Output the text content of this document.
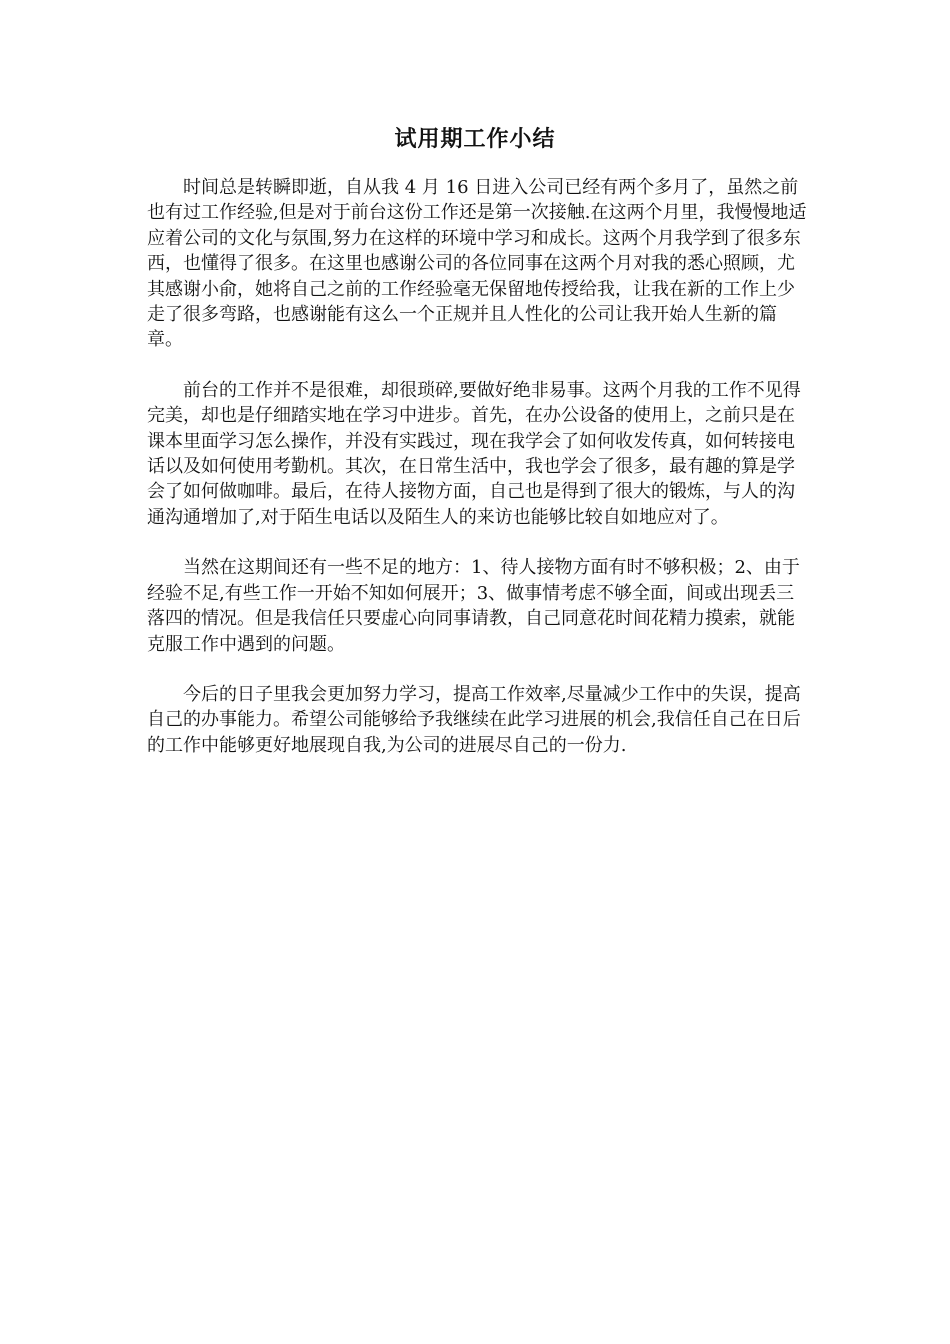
试用期工作小结

时间总是转瞬即逝，自从我 4 月 16 日进入公司已经有两个多月了，虽然之前也有过工作经验,但是对于前台这份工作还是第一次接触.在这两个月里，我慢慢地适应着公司的文化与氛围,努力在这样的环境中学习和成长。这两个月我学到了很多东西，也懂得了很多。在这里也感谢公司的各位同事在这两个月对我的悉心照顾，尤其感谢小俞，她将自己之前的工作经验毫无保留地传授给我，让我在新的工作上少走了很多弯路，也感谢能有这么一个正规并且人性化的公司让我开始人生新的篇章。

前台的工作并不是很难，却很琐碎,要做好绝非易事。这两个月我的工作不见得完美，却也是仔细踏实地在学习中进步。首先，在办公设备的使用上，之前只是在课本里面学习怎么操作，并没有实践过，现在我学会了如何收发传真，如何转接电话以及如何使用考勤机。其次，在日常生活中，我也学会了很多，最有趣的算是学会了如何做咖啡。最后，在待人接物方面，自己也是得到了很大的锻炼，与人的沟通沟通增加了,对于陌生电话以及陌生人的来访也能够比较自如地应对了。

当然在这期间还有一些不足的地方：1、待人接物方面有时不够积极；2、由于经验不足,有些工作一开始不知如何展开；3、做事情考虑不够全面，间或出现丢三落四的情况。但是我信任只要虚心向同事请教，自己同意花时间花精力摸索，就能克服工作中遇到的问题。

今后的日子里我会更加努力学习，提高工作效率,尽量减少工作中的失误，提高自己的办事能力。希望公司能够给予我继续在此学习进展的机会,我信任自己在日后的工作中能够更好地展现自我,为公司的进展尽自己的一份力.
